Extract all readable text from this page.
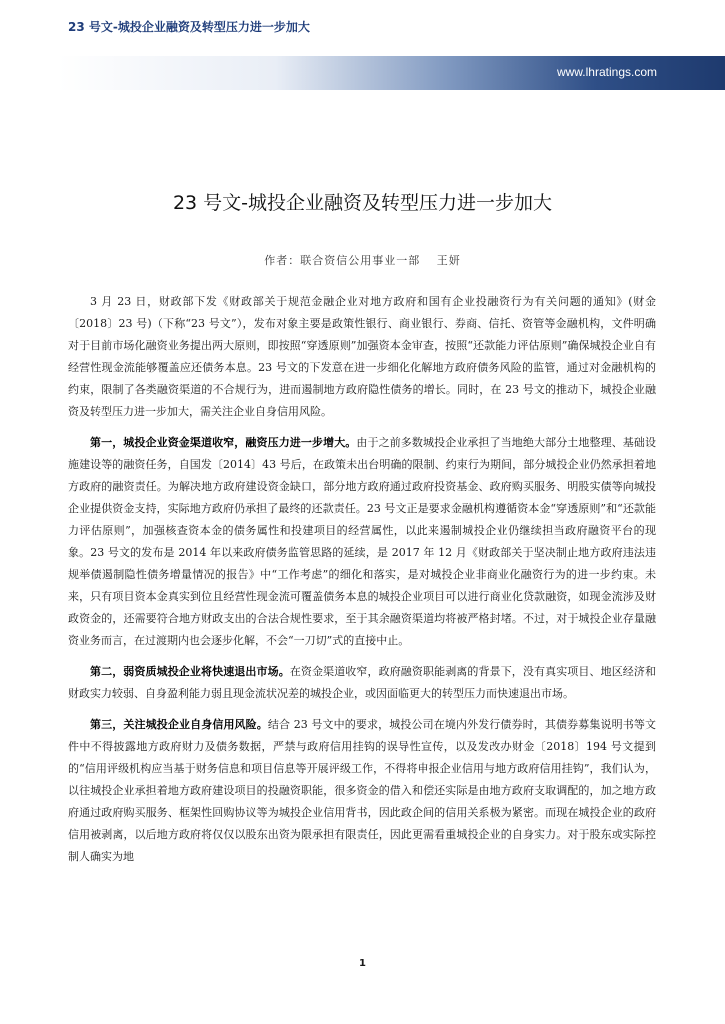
23 号文-城投企业融资及转型压力进一步加大
www.lhratings.com
23 号文-城投企业融资及转型压力进一步加大
作者：联合资信公用事业一部 王妍

3 月 23 日，财政部下发《财政部关于规范金融企业对地方政府和国有企业投融资行为有关问题的通知》(财金〔2018〕23 号)（下称“23 号文”），发布对象主要是政策性银行、商业银行、券商、信托、资管等金融机构，文件明确对于目前市场化融资业务提出两大原则，即按照“穿透原则”加强资本金审查，按照“还款能力评估原则”确保城投企业自有经营性现金流能够覆盖应还债务本息。23 号文的下发意在进一步细化化解地方政府债务风险的监管，通过对金融机构的约束，限制了各类融资渠道的不合规行为，进而遏制地方政府隐性债务的增长。同时，在 23 号文的推动下，城投企业融资及转型压力进一步加大，需关注企业自身信用风险。

第一，城投企业资金渠道收窄，融资压力进一步增大。由于之前多数城投企业承担了当地绝大部分土地整理、基础设施建设等的融资任务，自国发〔2014〕43 号后，在政策未出台明确的限制、约束行为期间，部分城投企业仍然承担着地方政府的融资责任。为解决地方政府建设资金缺口，部分地方政府通过政府投资基金、政府购买服务、明股实债等向城投企业提供资金支持，实际地方政府仍承担了最终的还款责任。23 号文正是要求金融机构遵循资本金“穿透原则”和“还款能力评估原则”，加强核查资本金的债务属性和投建项目的经营属性，以此来遏制城投企业仍继续担当政府融资平台的现象。23 号文的发布是 2014 年以来政府债务监管思路的延续，是 2017 年 12 月《财政部关于坚决制止地方政府违法违规举债遏制隐性债务增量情况的报告》中“工作考虑”的细化和落实，是对城投企业非商业化融资行为的进一步约束。未来，只有项目资本金真实到位且经营性现金流可覆盖债务本息的城投企业项目可以进行商业化贷款融资，如现金流涉及财政资金的，还需要符合地方财政支出的合法合规性要求，至于其余融资渠道均将被严格封堵。不过，对于城投企业存量融资业务而言，在过渡期内也会逐步化解，不会“一刀切”式的直接中止。

第二，弱资质城投企业将快速退出市场。在资金渠道收窄，政府融资职能剥离的背景下，没有真实项目、地区经济和财政实力较弱、自身盈利能力弱且现金流状况差的城投企业，或因面临更大的转型压力而快速退出市场。

第三，关注城投企业自身信用风险。结合 23 号文中的要求，城投公司在境内外发行债券时，其债券募集说明书等文件中不得披露地方政府财力及债务数据，严禁与政府信用挂钩的误导性宣传，以及发改办财金〔2018〕194 号文提到的“信用评级机构应当基于财务信息和项目信息等开展评级工作，不得将申报企业信用与地方政府信用挂钩”，我们认为，以往城投企业承担着地方政府建设项目的投融资职能，很多资金的借入和偿还实际是由地方政府支取调配的，加之地方政府通过政府购买服务、框架性回购协议等为城投企业信用背书，因此政企间的信用关系极为紧密。而现在城投企业的政府信用被剥离，以后地方政府将仅仅以股东出资为限承担有限责任，因此更需看重城投企业的自身实力。对于股东或实际控制人确实为地

1
